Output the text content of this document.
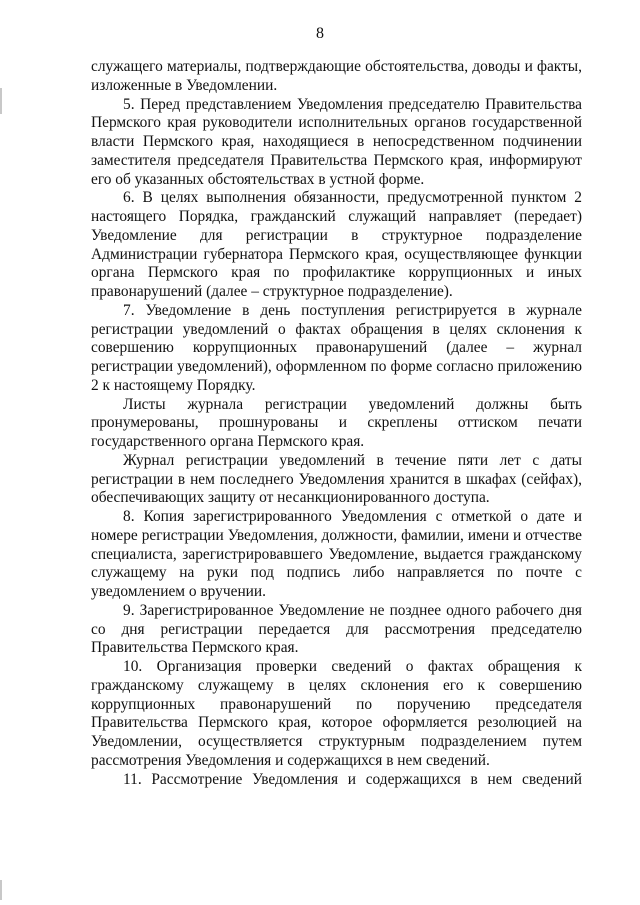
8

служащего материалы, подтверждающие обстоятельства, доводы и факты, изложенные в Уведомлении.

5. Перед представлением Уведомления председателю Правительства Пермского края руководители исполнительных органов государственной власти Пермского края, находящиеся в непосредственном подчинении заместителя председателя Правительства Пермского края, информируют его об указанных обстоятельствах в устной форме.

6. В целях выполнения обязанности, предусмотренной пунктом 2 настоящего Порядка, гражданский служащий направляет (передает) Уведомление для регистрации в структурное подразделение Администрации губернатора Пермского края, осуществляющее функции органа Пермского края по профилактике коррупционных и иных правонарушений (далее – структурное подразделение).

7. Уведомление в день поступления регистрируется в журнале регистрации уведомлений о фактах обращения в целях склонения к совершению коррупционных правонарушений (далее – журнал регистрации уведомлений), оформленном по форме согласно приложению 2 к настоящему Порядку.

Листы журнала регистрации уведомлений должны быть пронумерованы, прошнурованы и скреплены оттиском печати государственного органа Пермского края.

Журнал регистрации уведомлений в течение пяти лет с даты регистрации в нем последнего Уведомления хранится в шкафах (сейфах), обеспечивающих защиту от несанкционированного доступа.

8. Копия зарегистрированного Уведомления с отметкой о дате и номере регистрации Уведомления, должности, фамилии, имени и отчестве специалиста, зарегистрировавшего Уведомление, выдается гражданскому служащему на руки под подпись либо направляется по почте с уведомлением о вручении.

9. Зарегистрированное Уведомление не позднее одного рабочего дня со дня регистрации передается для рассмотрения председателю Правительства Пермского края.

10. Организация проверки сведений о фактах обращения к гражданскому служащему в целях склонения его к совершению коррупционных правонарушений по поручению председателя Правительства Пермского края, которое оформляется резолюцией на Уведомлении, осуществляется структурным подразделением путем рассмотрения Уведомления и содержащихся в нем сведений.

11. Рассмотрение Уведомления и содержащихся в нем сведений
